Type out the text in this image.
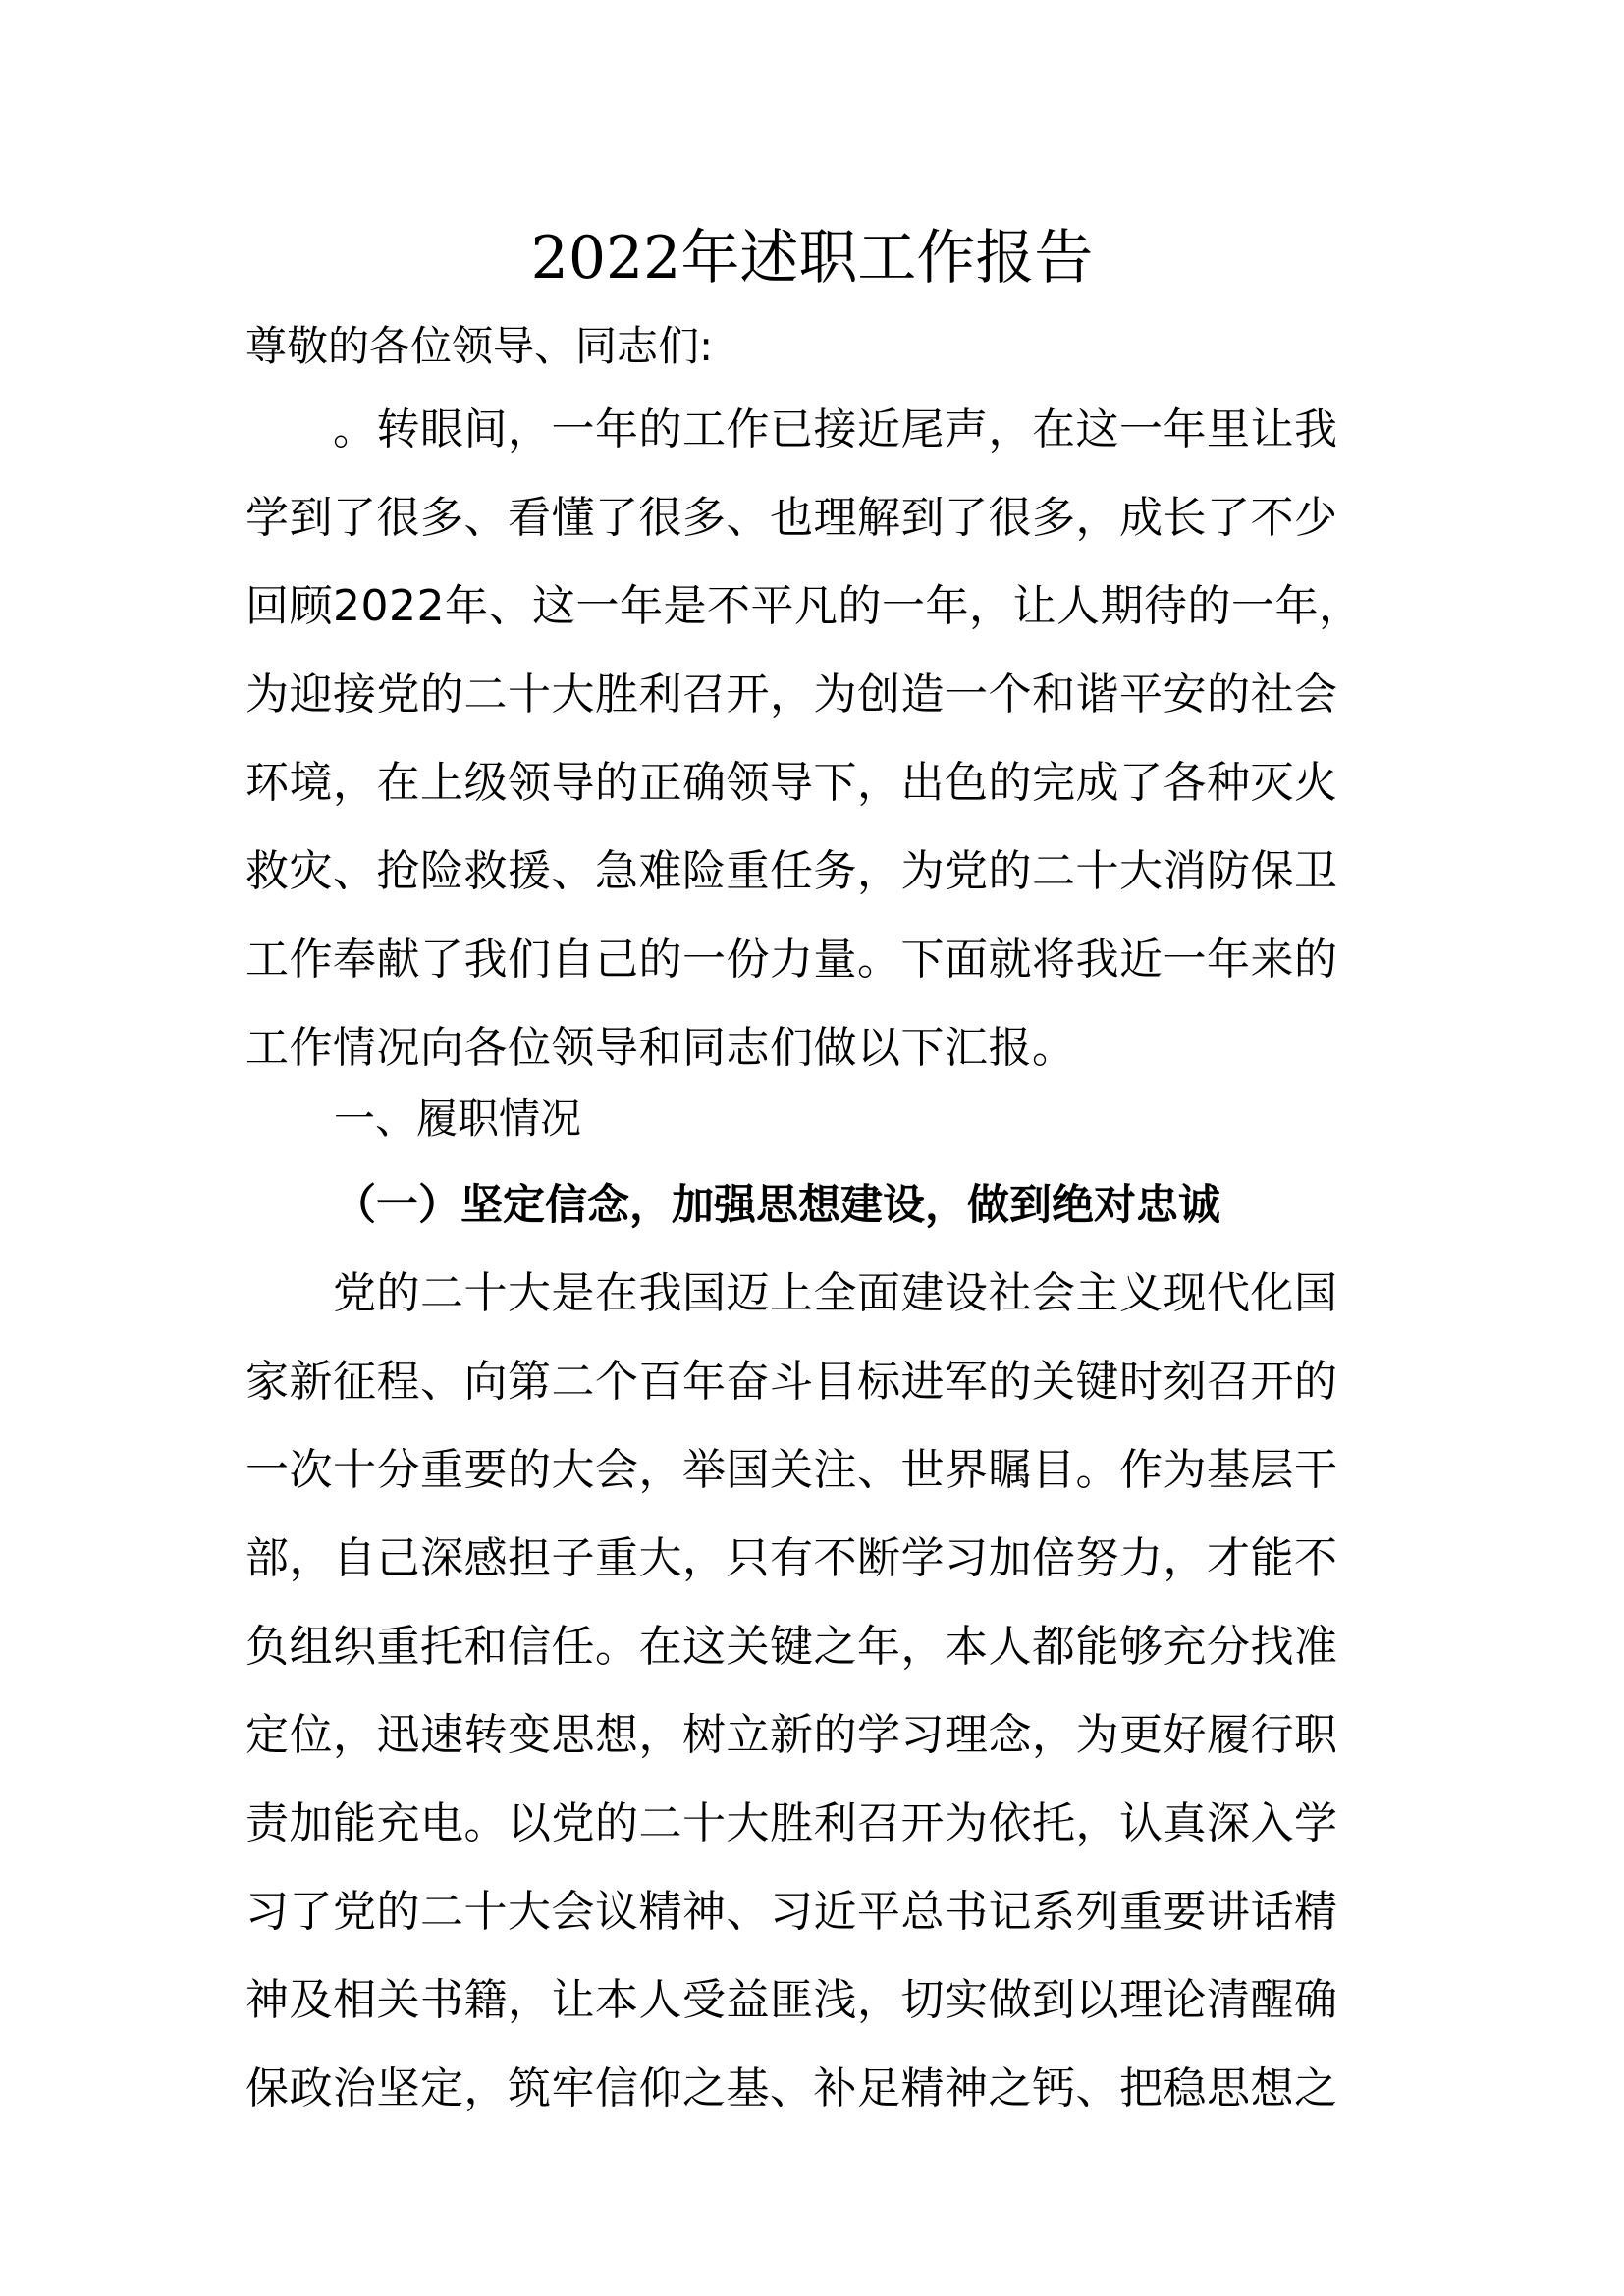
2022年述职工作报告
尊敬的各位领导、同志们:
　　。转眼间，一年的工作已接近尾声，在这一年里让我
学到了很多、看懂了很多、也理解到了很多，成长了不少
回顾2022年、这一年是不平凡的一年，让人期待的一年，
为迎接党的二十大胜利召开，为创造一个和谐平安的社会
环境，在上级领导的正确领导下，出色的完成了各种灭火
救灾、抢险救援、急难险重任务，为党的二十大消防保卫
工作奉献了我们自己的一份力量。下面就将我近一年来的
工作情况向各位领导和同志们做以下汇报。
一、履职情况
（一）坚定信念，加强思想建设，做到绝对忠诚
　　党的二十大是在我国迈上全面建设社会主义现代化国
家新征程、向第二个百年奋斗目标进军的关键时刻召开的
一次十分重要的大会，举国关注、世界瞩目。作为基层干
部，自己深感担子重大，只有不断学习加倍努力，才能不
负组织重托和信任。在这关键之年，本人都能够充分找准
定位，迅速转变思想，树立新的学习理念，为更好履行职
责加能充电。以党的二十大胜利召开为依托，认真深入学
习了党的二十大会议精神、习近平总书记系列重要讲话精
神及相关书籍，让本人受益匪浅，切实做到以理论清醒确
保政治坚定，筑牢信仰之基、补足精神之钙、把稳思想之
